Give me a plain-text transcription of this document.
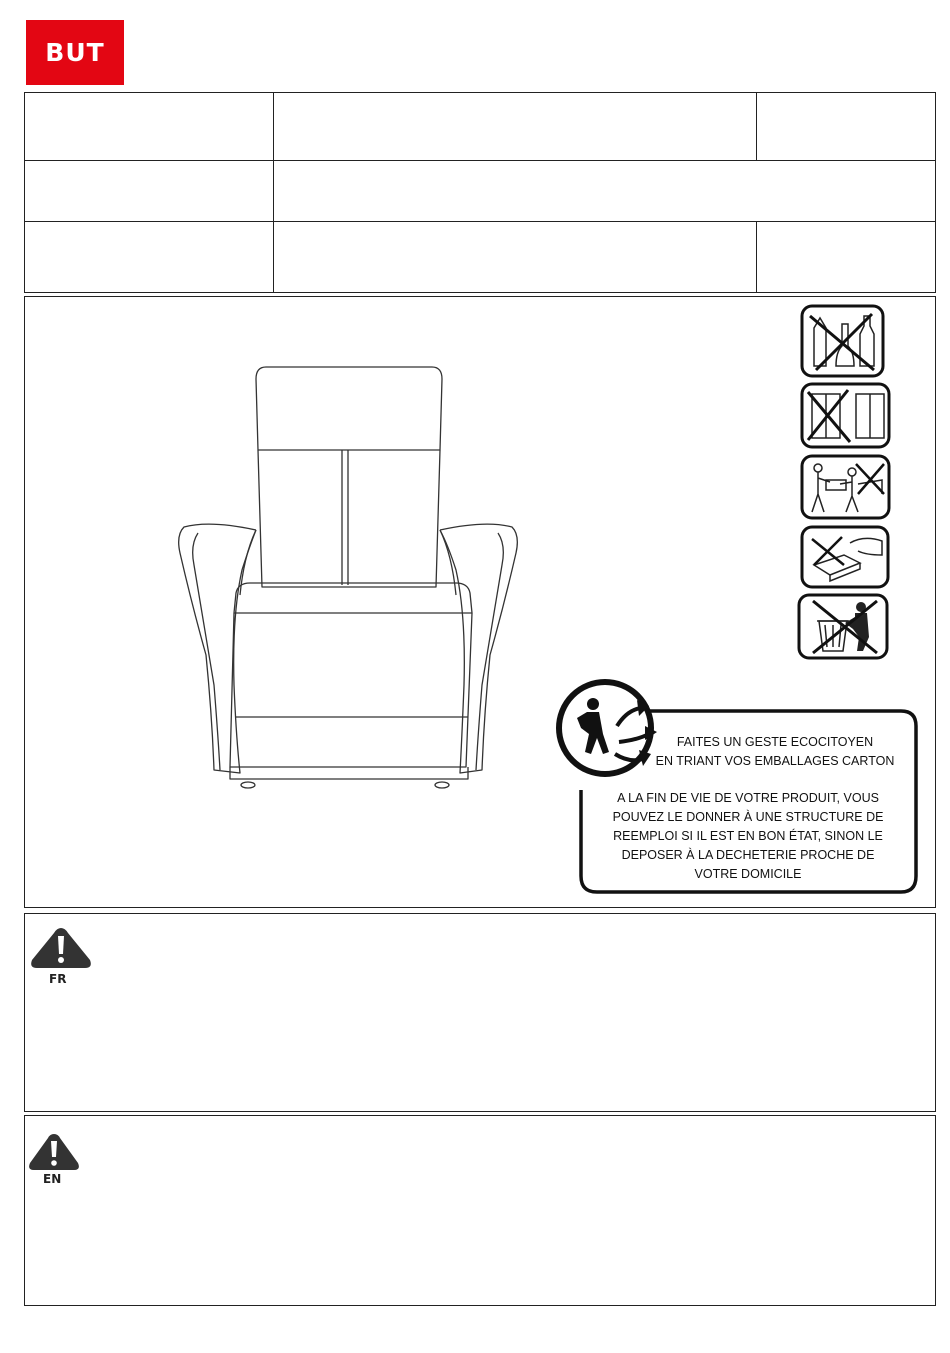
BUT
FAITES UN GESTE ECOCITOYEN
EN TRIANT VOS EMBALLAGES CARTON
A LA FIN DE VIE DE VOTRE PRODUIT, VOUS
POUVEZ LE DONNER À UNE STRUCTURE DE
REEMPLOI SI IL EST EN BON ÉTAT, SINON LE
DEPOSER À LA DECHETERIE PROCHE DE
VOTRE DOMICILE
FR
EN
